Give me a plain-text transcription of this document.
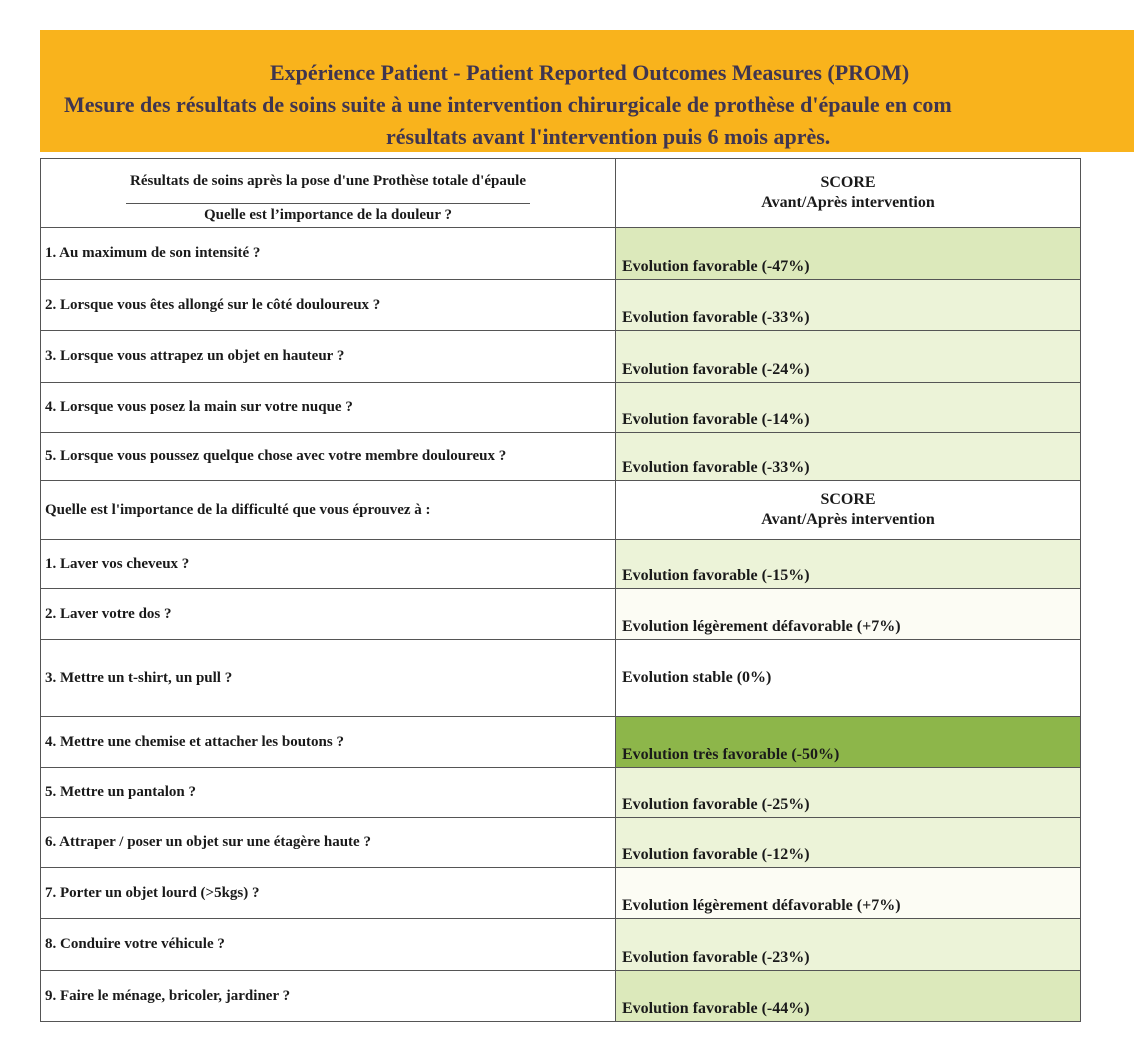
Expérience Patient - Patient Reported Outcomes Measures (PROM)
Mesure des résultats de soins suite à une intervention chirurgicale de prothèse d'épaule en com
résultats avant l'intervention puis 6 mois après.
Résultats de soins après la pose d'une Prothèse totale d'épaule
Quelle est l’importance de la douleur ?
SCORE
Avant/Après intervention
1. Au maximum de son intensité ?
Evolution favorable (-47%)
2. Lorsque vous êtes allongé sur le côté douloureux ?
Evolution favorable (-33%)
3. Lorsque vous attrapez un objet en hauteur ?
Evolution favorable (-24%)
4. Lorsque vous posez la main sur votre nuque ?
Evolution favorable (-14%)
5. Lorsque vous poussez quelque chose avec votre membre douloureux ?
Evolution favorable (-33%)
Quelle est l'importance de la difficulté que vous éprouvez à :
SCORE
Avant/Après intervention
1. Laver vos cheveux ?
Evolution favorable (-15%)
2. Laver votre dos ?
Evolution légèrement défavorable (+7%)
3. Mettre un t-shirt, un pull ?	Evolution stable (0%)
4. Mettre une chemise et attacher les boutons ?
Evolution très favorable (-50%)
5. Mettre un pantalon ?
Evolution favorable (-25%)
6. Attraper / poser un objet sur une étagère haute ?
Evolution favorable (-12%)
7. Porter un objet lourd (>5kgs) ?
Evolution légèrement défavorable (+7%)
8. Conduire votre véhicule ?
Evolution favorable (-23%)
9. Faire le ménage, bricoler, jardiner ?
Evolution favorable (-44%)
